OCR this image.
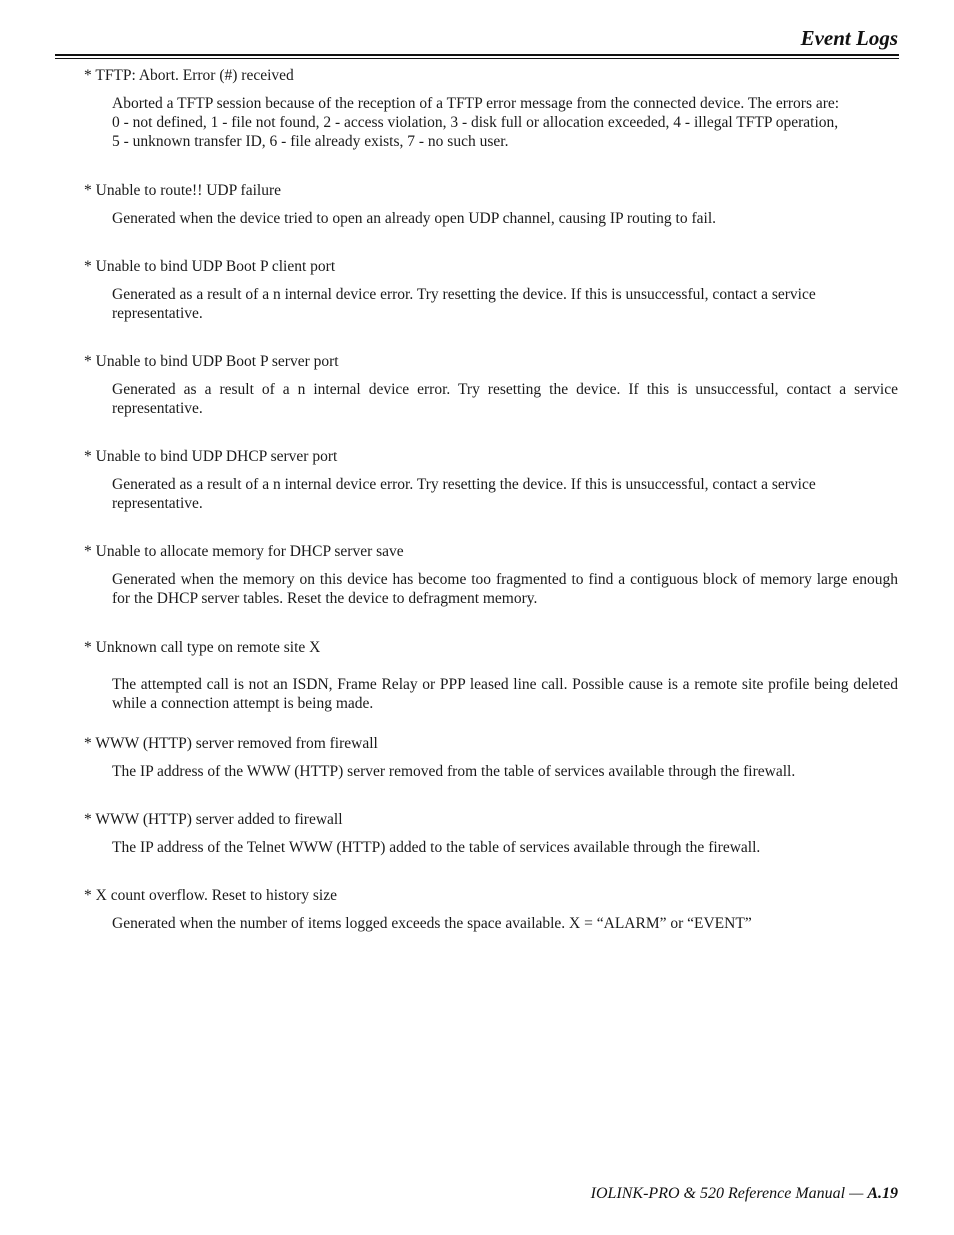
Event Logs

* TFTP: Abort. Error (#) received

Aborted a TFTP session because of the reception of a TFTP error message from the connected device. The errors are: 0 - not defined, 1 - file not found, 2 - access violation, 3 - disk full or allocation exceeded, 4 - illegal TFTP operation, 5 - unknown transfer ID, 6 - file already exists, 7 - no such user.

* Unable to route!! UDP failure

Generated when the device tried to open an already open UDP channel, causing IP routing to fail.

* Unable to bind UDP Boot P client port

Generated as a result of a n internal device error. Try resetting the device. If this is unsuccessful, contact a service representative.

* Unable to bind UDP Boot P server port

Generated as a result of a n internal device error. Try resetting the device. If this is unsuccessful, contact a service representative.

* Unable to bind UDP DHCP server port

Generated as a result of a n internal device error. Try resetting the device. If this is unsuccessful, contact a service representative.

* Unable to allocate memory for DHCP server save

Generated when the memory on this device has become too fragmented to find a contiguous block of memory large enough for the DHCP server tables. Reset the device to defragment memory.

* Unknown call type on remote site X

The attempted call is not an ISDN, Frame Relay or PPP leased line call. Possible cause is a remote site profile being deleted while a connection attempt is being made.

* WWW (HTTP) server removed from firewall

The IP address of the WWW (HTTP) server removed from the table of services available through the firewall.

* WWW (HTTP) server added to firewall

The IP address of the Telnet WWW (HTTP) added to the table of services available through the firewall.

* X count overflow. Reset to history size

Generated when the number of items logged exceeds the space available. X = “ALARM” or “EVENT”

IOLINK-PRO & 520 Reference Manual — A.19
